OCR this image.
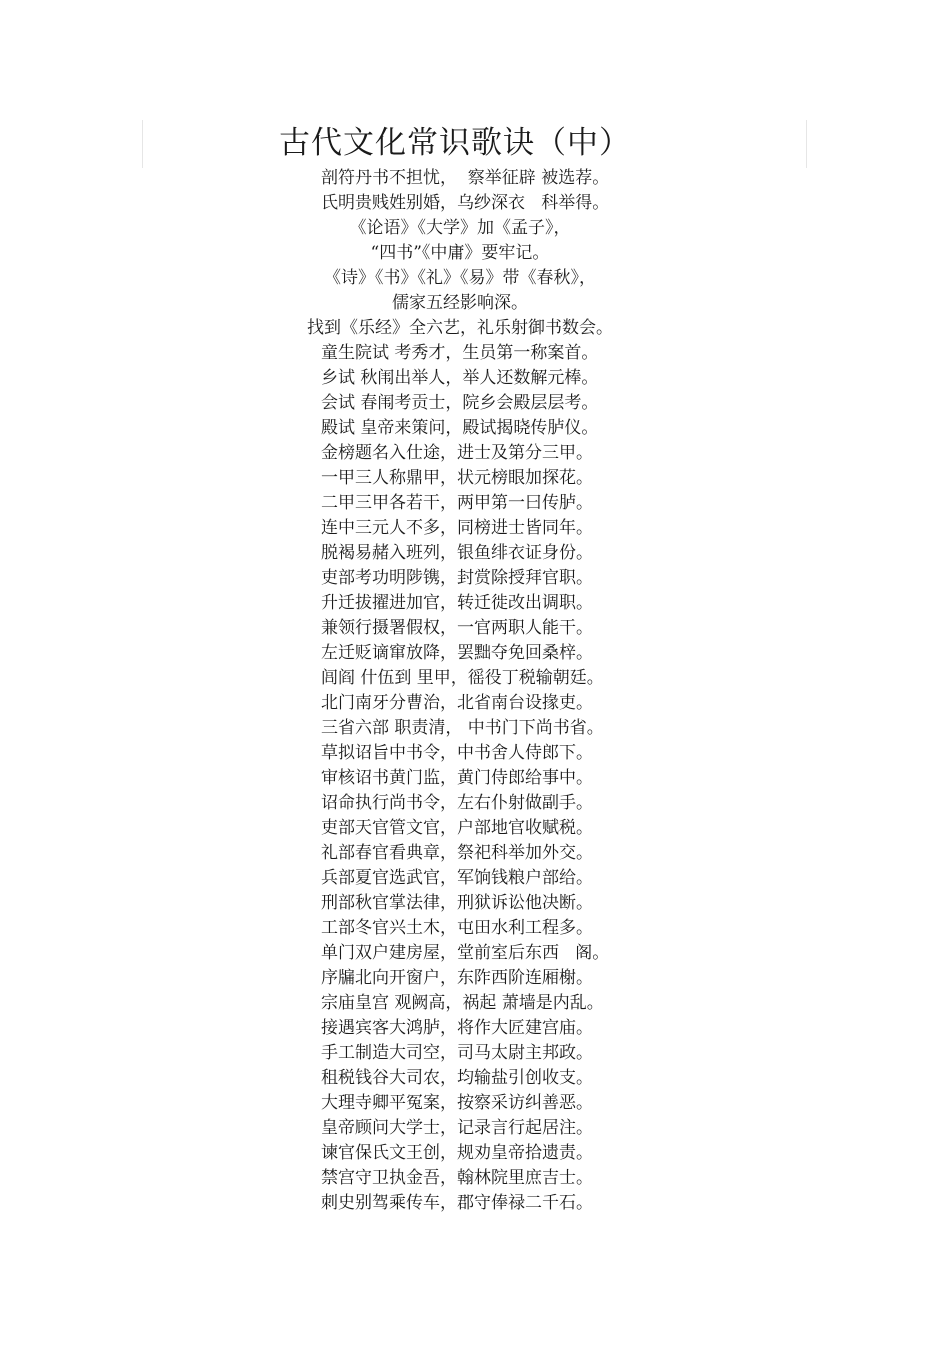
古代文化常识歌诀（中）
剖符丹书不担忧，  察举征辟 被选荐。
氏明贵贱姓别婚，乌纱深衣   科举得。
《论语》《大学》加《孟子》，
“四书”《中庸》要牢记。
《诗》《书》《礼》《易》带《春秋》，
儒家五经影响深。
找到《乐经》全六艺，礼乐射御书数会。
童生院试 考秀才，生员第一称案首。
乡试 秋闱出举人，举人还数解元棒。
会试 春闱考贡士，院乡会殿层层考。
殿试 皇帝来策问，殿试揭晓传胪仪。
金榜题名入仕途，进士及第分三甲。
一甲三人称鼎甲，状元榜眼加探花。
二甲三甲各若干，两甲第一曰传胪。
连中三元人不多，同榜进士皆同年。
脱褐易赭入班列，银鱼绯衣证身份。
吏部考功明陟镌，封赏除授拜官职。
升迁拔擢进加官，转迁徙改出调职。
兼领行摄署假权，一官两职人能干。
左迁贬谪窜放降，罢黜夺免回桑梓。
闾阎 什伍到 里甲，徭役丁税输朝廷。
北门南牙分曹治，北省南台设掾吏。
三省六部 职责清， 中书门下尚书省。
草拟诏旨中书令，中书舍人侍郎下。
审核诏书黄门监，黄门侍郎给事中。
诏命执行尚书令，左右仆射做副手。
吏部天官管文官，户部地官收赋税。
礼部春官看典章，祭祀科举加外交。
兵部夏官选武官，军饷钱粮户部给。
刑部秋官掌法律，刑狱诉讼他决断。
工部冬官兴土木，屯田水利工程多。
单门双户建房屋，堂前室后东西   阁。
序牖北向开窗户，东阼西阶连厢榭。
宗庙皇宫 观阙高，祸起 萧墙是内乱。
接遇宾客大鸿胪，将作大匠建宫庙。
手工制造大司空，司马太尉主邦政。
租税钱谷大司农，均输盐引创收支。
大理寺卿平冤案，按察采访纠善恶。
皇帝顾问大学士，记录言行起居注。
谏官保氏文王创，规劝皇帝拾遗责。
禁宫守卫执金吾，翰林院里庶吉士。
刺史别驾乘传车，郡守俸禄二千石。
